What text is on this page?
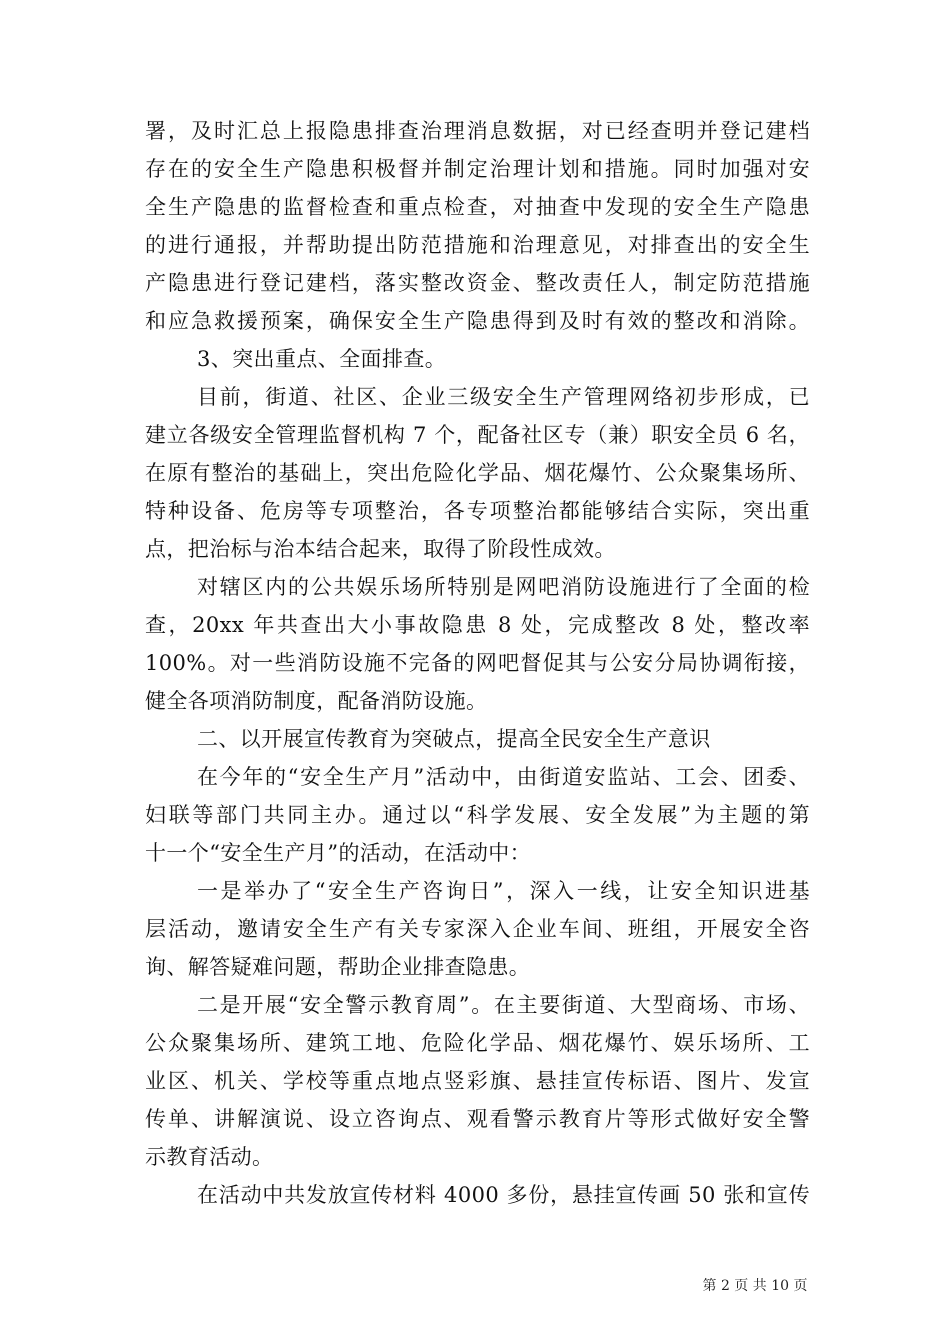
署，及时汇总上报隐患排查治理消息数据，对已经查明并登记建档
存在的安全生产隐患积极督并制定治理计划和措施。同时加强对安
全生产隐患的监督检查和重点检查，对抽查中发现的安全生产隐患
的进行通报，并帮助提出防范措施和治理意见，对排查出的安全生
产隐患进行登记建档，落实整改资金、整改责任人，制定防范措施
和应急救援预案，确保安全生产隐患得到及时有效的整改和消除。
3、突出重点、全面排查。
目前，街道、社区、企业三级安全生产管理网络初步形成，已
建立各级安全管理监督机构 7 个，配备社区专（兼）职安全员 6 名，
在原有整治的基础上，突出危险化学品、烟花爆竹、公众聚集场所、
特种设备、危房等专项整治，各专项整治都能够结合实际，突出重
点，把治标与治本结合起来，取得了阶段性成效。
对辖区内的公共娱乐场所特别是网吧消防设施进行了全面的检
查，20xx 年共查出大小事故隐患 8 处，完成整改 8 处，整改率
100%。对一些消防设施不完备的网吧督促其与公安分局协调衔接，
健全各项消防制度，配备消防设施。
二、以开展宣传教育为突破点，提高全民安全生产意识
在今年的“安全生产月”活动中，由街道安监站、工会、团委、
妇联等部门共同主办。通过以“科学发展、安全发展”为主题的第
十一个“安全生产月”的活动，在活动中：
一是举办了“安全生产咨询日”，深入一线，让安全知识进基
层活动，邀请安全生产有关专家深入企业车间、班组，开展安全咨
询、解答疑难问题，帮助企业排查隐患。
二是开展“安全警示教育周”。在主要街道、大型商场、市场、
公众聚集场所、建筑工地、危险化学品、烟花爆竹、娱乐场所、工
业区、机关、学校等重点地点竖彩旗、悬挂宣传标语、图片、发宣
传单、讲解演说、设立咨询点、观看警示教育片等形式做好安全警
示教育活动。
在活动中共发放宣传材料 4000 多份，悬挂宣传画 50 张和宣传
第 2 页 共 10 页
